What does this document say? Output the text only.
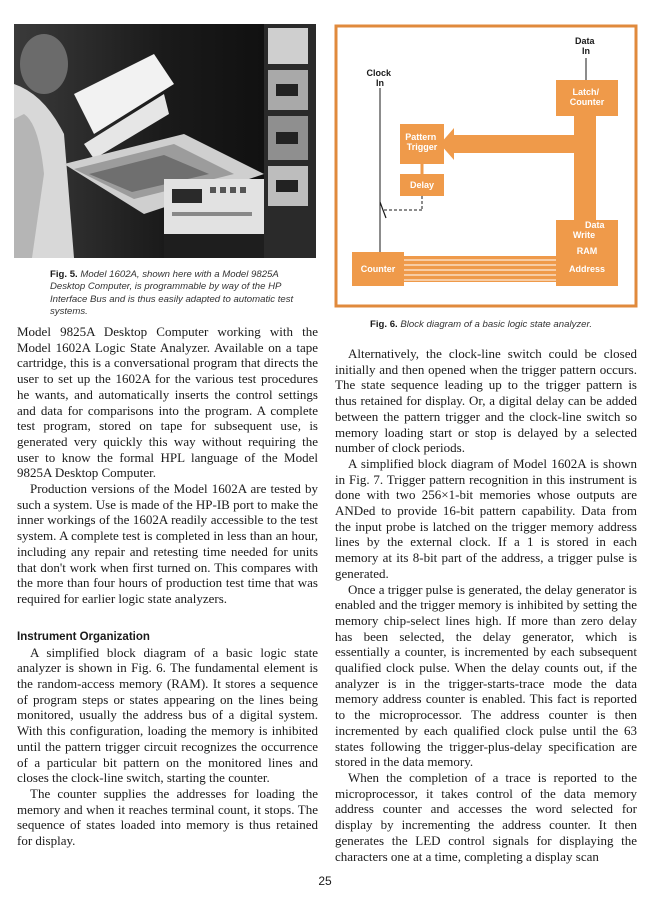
Fig. 5. Model 1602A, shown here with a Model 9825A Desktop Computer, is programmable by way of the HP Interface Bus and is thus easily adapted to automatic test systems.
Data In
Clock In
Latch/ Counter
Pattern Trigger
Delay
Data Write
RAM
Address
Counter
Fig. 6. Block diagram of a basic logic state analyzer.

Model 9825A Desktop Computer working with the Model 1602A Logic State Analyzer. Available on a tape cartridge, this is a conversational program that directs the user to set up the 1602A for the various test procedures he wants, and automatically inserts the control settings and data for comparisons into the program. A complete test program, stored on tape for subsequent use, is generated very quickly this way without requiring the user to know the formal HPL language of the Model 9825A Desktop Computer.

Production versions of the Model 1602A are tested by such a system. Use is made of the HP-IB port to make the inner workings of the 1602A readily accessible to the test system. A complete test is completed in less than an hour, including any repair and retesting time needed for units that don't work when first turned on. This compares with the more than four hours of production test time that was required for earlier logic state analyzers.

Instrument Organization

A simplified block diagram of a basic logic state analyzer is shown in Fig. 6. The fundamental element is the random-access memory (RAM). It stores a sequence of program steps or states appearing on the lines being monitored, usually the address bus of a digital system. With this configuration, loading the memory is inhibited until the pattern trigger circuit recognizes the occurrence of a particular bit pattern on the monitored lines and closes the clock-line switch, starting the counter.

The counter supplies the addresses for loading the memory and when it reaches terminal count, it stops. The sequence of states loaded into memory is thus retained for display.

Alternatively, the clock-line switch could be closed initially and then opened when the trigger pattern occurs. The state sequence leading up to the trigger pattern is thus retained for display. Or, a digital delay can be added between the pattern trigger and the clock-line switch so memory loading start or stop is delayed by a selected number of clock periods.

A simplified block diagram of Model 1602A is shown in Fig. 7. Trigger pattern recognition in this instrument is done with two 256×1-bit memories whose outputs are ANDed to provide 16-bit pattern capability. Data from the input probe is latched on the trigger memory address lines by the external clock. If a 1 is stored in each memory at its 8-bit part of the address, a trigger pulse is generated.

Once a trigger pulse is generated, the delay generator is enabled and the trigger memory is inhibited by setting the memory chip-select lines high. If more than zero delay has been selected, the delay generator, which is essentially a counter, is incremented by each subsequent qualified clock pulse. When the delay counts out, if the analyzer is in the trigger-starts-trace mode the data memory address counter is enabled. This fact is reported to the microprocessor. The address counter is then incremented by each qualified clock pulse until the 63 states following the trigger-plus-delay specification are stored in the data memory.

When the completion of a trace is reported to the microprocessor, it takes control of the data memory address counter and accesses the word selected for display by incrementing the address counter. It then generates the LED control signals for displaying the characters one at a time, completing a display scan

25
